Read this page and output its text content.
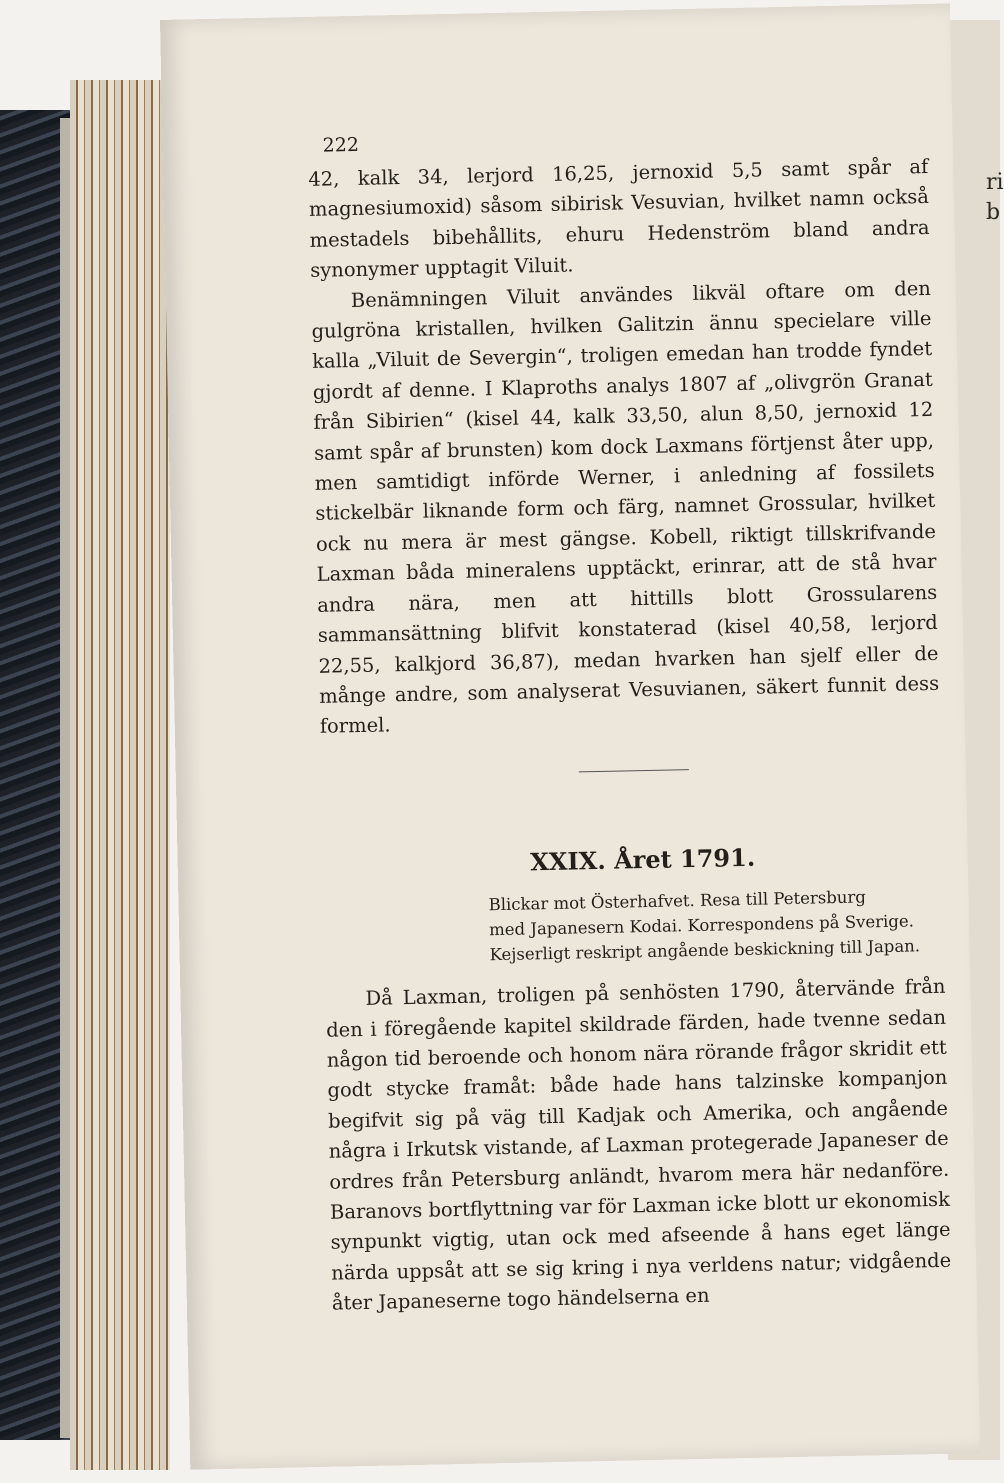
ri
b
222

42, kalk 34, lerjord 16,25, jernoxid 5,5 samt spår af magnesiumoxid) såsom sibirisk Vesuvian, hvilket namn också mestadels bibehållits, ehuru Hedenström bland andra synonymer upptagit Viluit.

Benämningen Viluit användes likväl oftare om den gulgröna kristallen, hvilken Galitzin ännu specielare ville kalla „Viluit de Severgin“, troligen emedan han trodde fyndet gjordt af denne. I Klaproths analys 1807 af „olivgrön Granat från Sibirien“ (kisel 44, kalk 33,50, alun 8,50, jernoxid 12 samt spår af brunsten) kom dock Laxmans förtjenst åter upp, men samtidigt införde Werner, i anledning af fossilets stickelbär liknande form och färg, namnet Grossular, hvilket ock nu mera är mest gängse. Kobell, riktigt tillskrifvande Laxman båda mineralens upptäckt, erinrar, att de stå hvar andra nära, men att hittills blott Grossularens sammansättning blifvit konstaterad (kisel 40,58, lerjord 22,55, kalkjord 36,87), medan hvarken han sjelf eller de månge andre, som analyserat Vesuvianen, säkert funnit dess formel.

XXIX. Året 1791.
Blickar mot Österhafvet. Resa till Petersburg
med Japanesern Kodai. Korrespondens på Sverige.
Kejserligt reskript angående beskickning till Japan.

Då Laxman, troligen på senhösten 1790, återvände från den i föregående kapitel skildrade färden, hade tvenne sedan någon tid beroende och honom nära rörande frågor skridit ett godt stycke framåt: både hade hans talzinske kompanjon begifvit sig på väg till Kadjak och Amerika, och angående några i Irkutsk vistande, af Laxman protegerade Japaneser de ordres från Petersburg anländt, hvarom mera här nedanföre. Baranovs bortflyttning var för Laxman icke blott ur ekonomisk synpunkt vigtig, utan ock med afseende å hans eget länge närda uppsåt att se sig kring i nya verldens natur; vidgående åter Japaneserne togo händelserna en
